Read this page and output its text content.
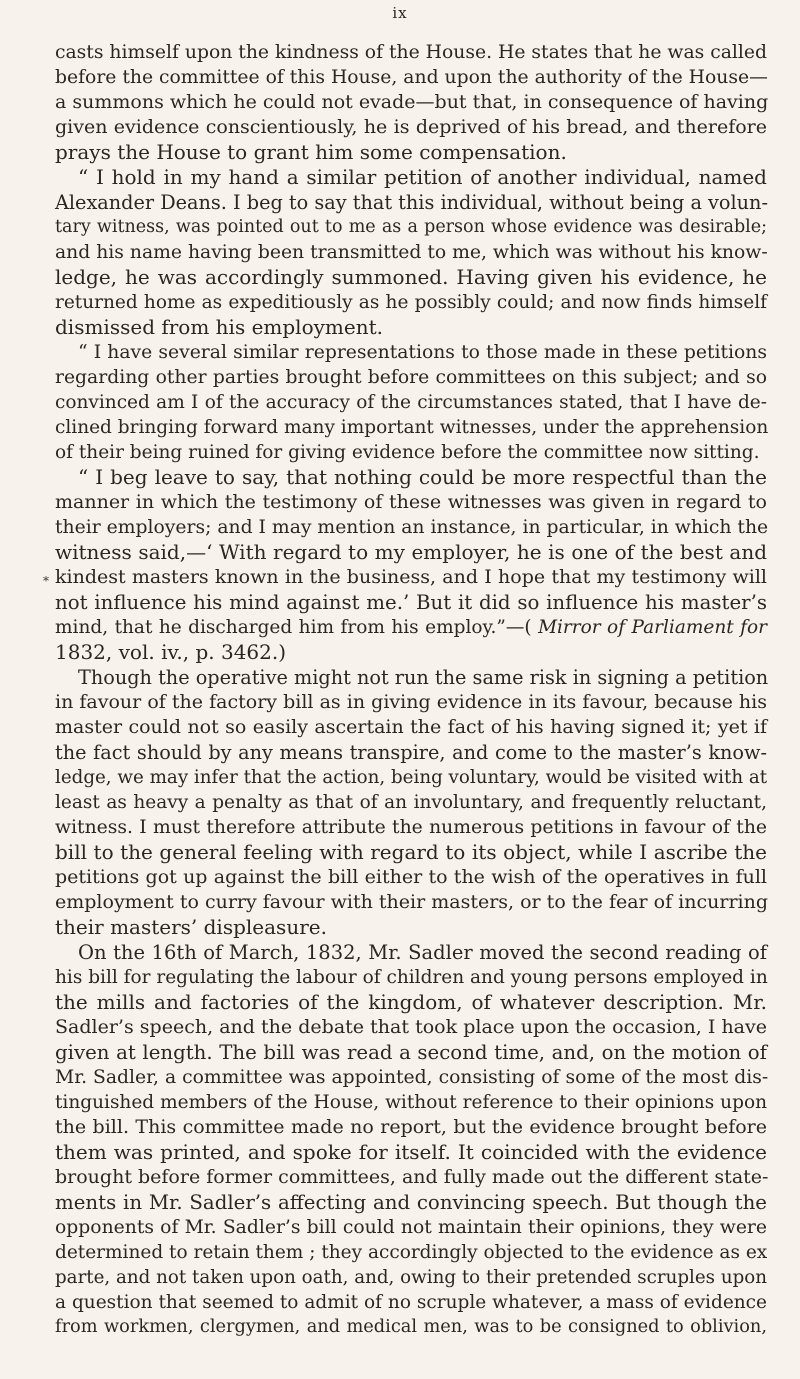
ix
*
casts himself upon the kindness of the House. He states that he was called
before the committee of this House, and upon the authority of the House—
a summons which he could not evade—but that, in consequence of having
given evidence conscientiously, he is deprived of his bread, and therefore
prays the House to grant him some compensation.
“ I hold in my hand a similar petition of another individual, named
Alexander Deans. I beg to say that this individual, without being a volun-
tary witness, was pointed out to me as a person whose evidence was desirable;
and his name having been transmitted to me, which was without his know-
ledge, he was accordingly summoned. Having given his evidence, he
returned home as expeditiously as he possibly could; and now finds himself
dismissed from his employment.
“ I have several similar representations to those made in these petitions
regarding other parties brought before committees on this subject; and so
convinced am I of the accuracy of the circumstances stated, that I have de-
clined bringing forward many important witnesses, under the apprehension
of their being ruined for giving evidence before the committee now sitting.
“ I beg leave to say, that nothing could be more respectful than the
manner in which the testimony of these witnesses was given in regard to
their employers; and I may mention an instance, in particular, in which the
witness said,—‘ With regard to my employer, he is one of the best and
kindest masters known in the business, and I hope that my testimony will
not influence his mind against me.’ But it did so influence his master’s
mind, that he discharged him from his employ.”—( Mirror of Parliament for
1832, vol. iv., p. 3462.)
Though the operative might not run the same risk in signing a petition
in favour of the factory bill as in giving evidence in its favour, because his
master could not so easily ascertain the fact of his having signed it; yet if
the fact should by any means transpire, and come to the master’s know-
ledge, we may infer that the action, being voluntary, would be visited with at
least as heavy a penalty as that of an involuntary, and frequently reluctant,
witness. I must therefore attribute the numerous petitions in favour of the
bill to the general feeling with regard to its object, while I ascribe the
petitions got up against the bill either to the wish of the operatives in full
employment to curry favour with their masters, or to the fear of incurring
their masters’ displeasure.
On the 16th of March, 1832, Mr. Sadler moved the second reading of
his bill for regulating the labour of children and young persons employed in
the mills and factories of the kingdom, of whatever description. Mr.
Sadler’s speech, and the debate that took place upon the occasion, I have
given at length. The bill was read a second time, and, on the motion of
Mr. Sadler, a committee was appointed, consisting of some of the most dis-
tinguished members of the House, without reference to their opinions upon
the bill. This committee made no report, but the evidence brought before
them was printed, and spoke for itself. It coincided with the evidence
brought before former committees, and fully made out the different state-
ments in Mr. Sadler’s affecting and convincing speech. But though the
opponents of Mr. Sadler’s bill could not maintain their opinions, they were
determined to retain them ; they accordingly objected to the evidence as ex
parte, and not taken upon oath, and, owing to their pretended scruples upon
a question that seemed to admit of no scruple whatever, a mass of evidence
from workmen, clergymen, and medical men, was to be consigned to oblivion,
